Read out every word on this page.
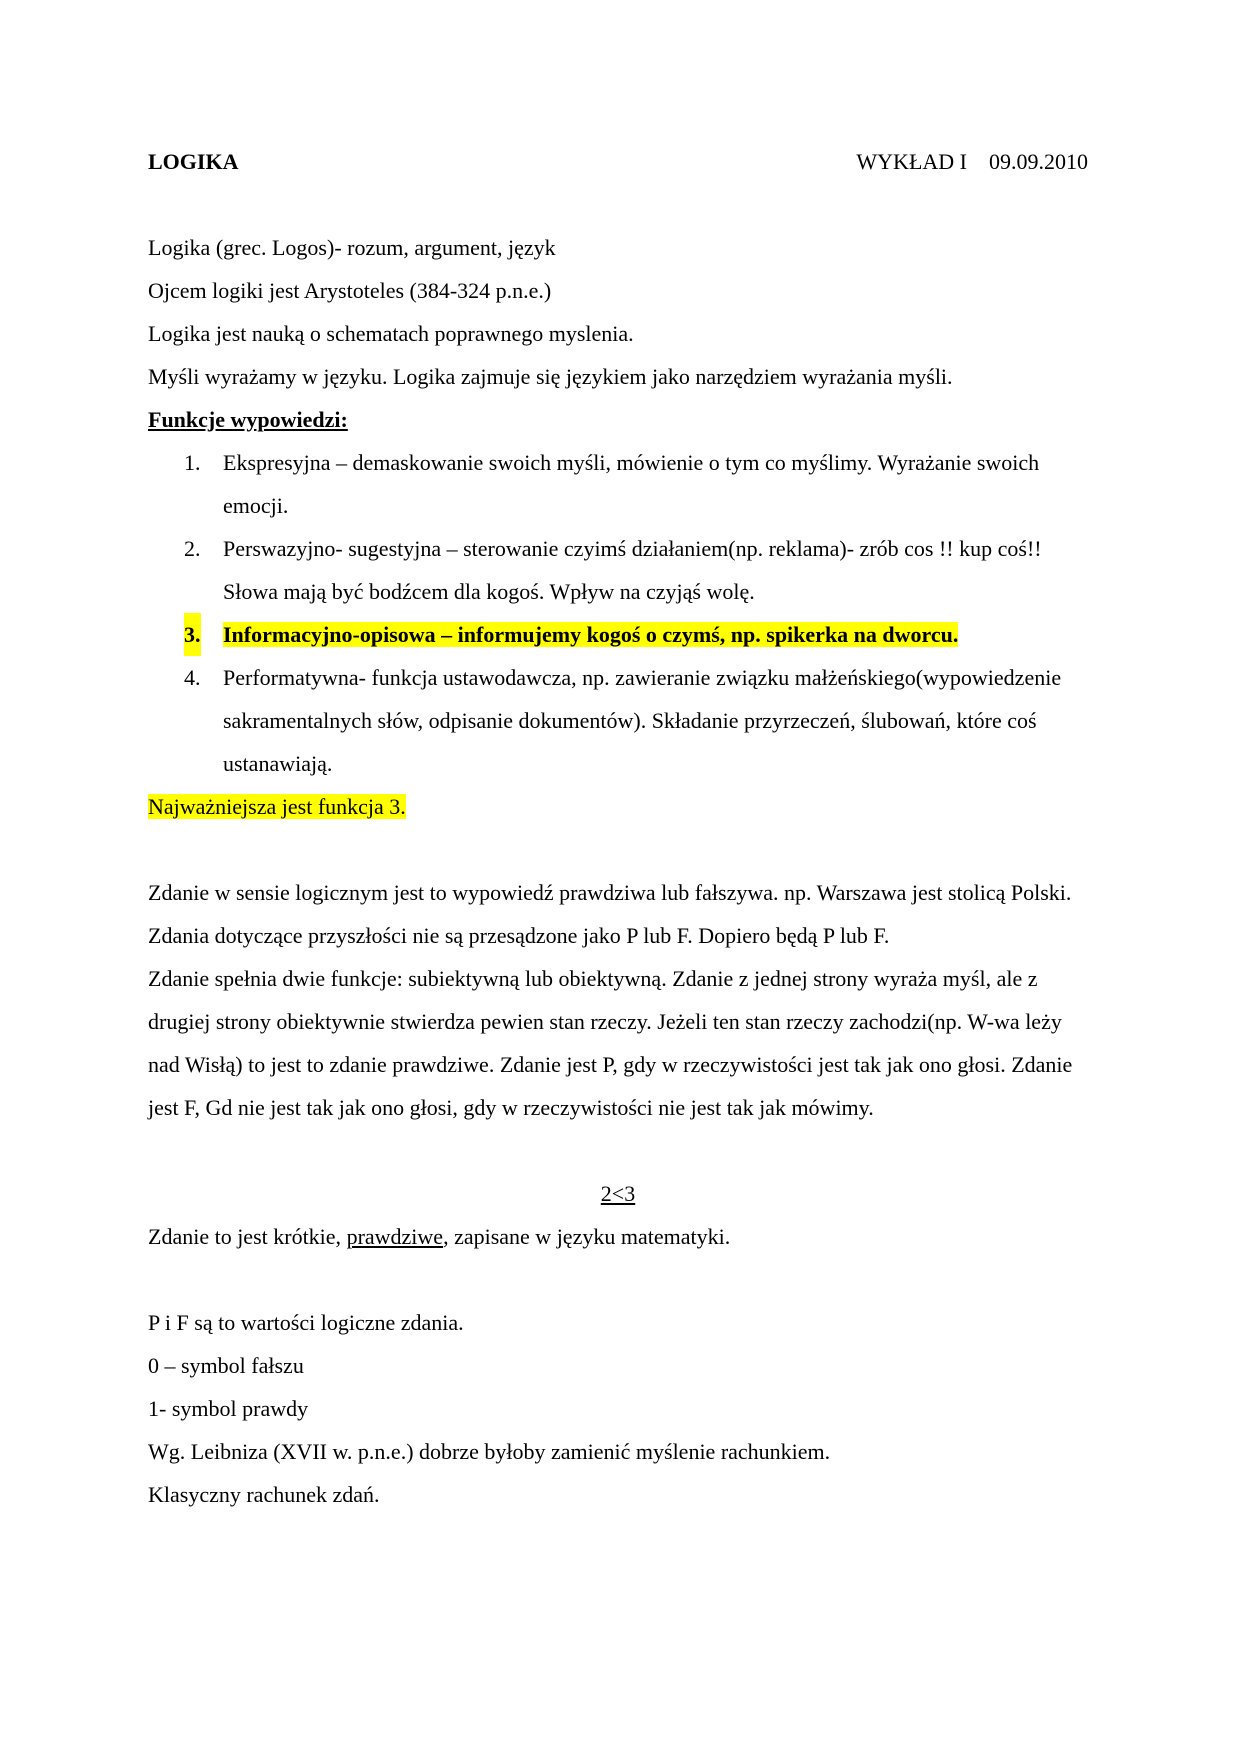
LOGIKA	WYKŁAD I 09.09.2010

Logika (grec. Logos)- rozum, argument, język

Ojcem logiki jest Arystoteles (384-324 p.n.e.)

Logika jest nauką o schematach poprawnego myslenia.

Myśli wyrażamy w języku. Logika zajmuje się językiem jako narzędziem wyrażania myśli.

Funkcje wypowiedzi:

1. Ekspresyjna – demaskowanie swoich myśli, mówienie o tym co myślimy. Wyrażanie swoich emocji.
2. Perswazyjno- sugestyjna – sterowanie czyimś działaniem(np. reklama)- zrób cos !! kup coś!! Słowa mają być bodźcem dla kogoś. Wpływ na czyjąś wolę.
3. Informacyjno-opisowa – informujemy kogoś o czymś, np. spikerka na dworcu.
4. Performatywna- funkcja ustawodawcza, np. zawieranie związku małżeńskiego(wypowiedzenie sakramentalnych słów, odpisanie dokumentów). Składanie przyrzeczeń, ślubowań, które coś ustanawiają.

Najważniejsza jest funkcja 3.

Zdanie w sensie logicznym jest to wypowiedź prawdziwa lub fałszywa. np. Warszawa jest stolicą Polski. Zdania dotyczące przyszłości nie są przesądzone jako P lub F. Dopiero będą P lub F.

Zdanie spełnia dwie funkcje: subiektywną lub obiektywną. Zdanie z jednej strony wyraża myśl, ale z drugiej strony obiektywnie stwierdza pewien stan rzeczy. Jeżeli ten stan rzeczy zachodzi(np. W-wa leży nad Wisłą) to jest to zdanie prawdziwe. Zdanie jest P, gdy w rzeczywistości jest tak jak ono głosi. Zdanie jest F, Gd nie jest tak jak ono głosi, gdy w rzeczywistości nie jest tak jak mówimy.

2<3

Zdanie to jest krótkie, prawdziwe, zapisane w języku matematyki.

P i F są to wartości logiczne zdania.

0 – symbol fałszu

1- symbol prawdy

Wg. Leibniza (XVII w. p.n.e.) dobrze byłoby zamienić myślenie rachunkiem.

Klasyczny rachunek zdań.
